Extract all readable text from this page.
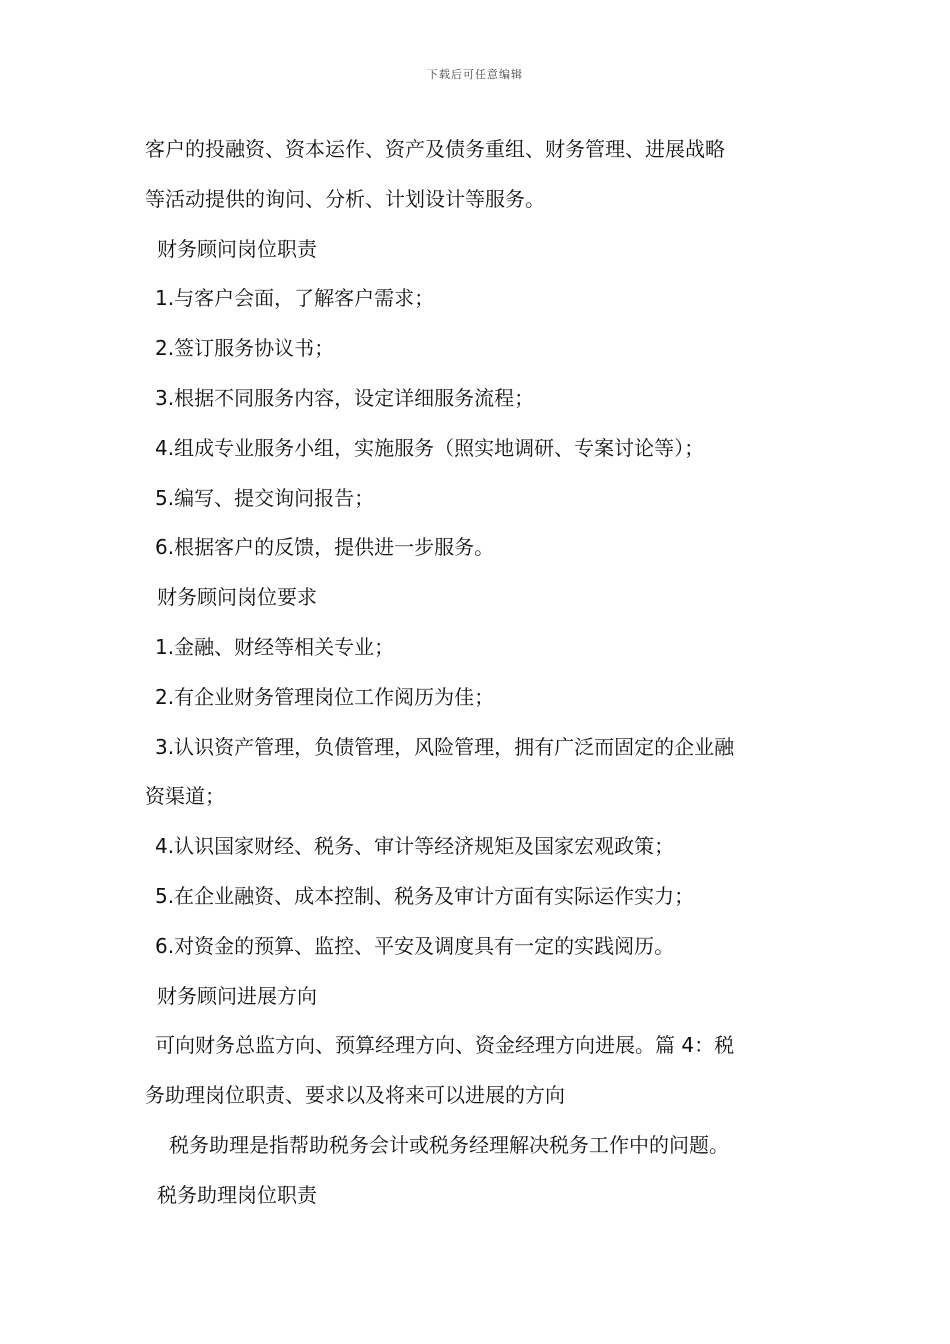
下载后可任意编辑
客户的投融资、资本运作、资产及债务重组、财务管理、进展战略
等活动提供的询问、分析、计划设计等服务。
财务顾问岗位职责
1.与客户会面，了解客户需求；
2.签订服务协议书；
3.根据不同服务内容，设定详细服务流程；
4.组成专业服务小组，实施服务（照实地调研、专案讨论等）；
5.编写、提交询问报告；
6.根据客户的反馈，提供进一步服务。
财务顾问岗位要求
1.金融、财经等相关专业；
2.有企业财务管理岗位工作阅历为佳；
3.认识资产管理，负债管理，风险管理，拥有广泛而固定的企业融
资渠道；
4.认识国家财经、税务、审计等经济规矩及国家宏观政策；
5.在企业融资、成本控制、税务及审计方面有实际运作实力；
6.对资金的预算、监控、平安及调度具有一定的实践阅历。
财务顾问进展方向
可向财务总监方向、预算经理方向、资金经理方向进展。篇 4：税
务助理岗位职责、要求以及将来可以进展的方向
税务助理是指帮助税务会计或税务经理解决税务工作中的问题。
税务助理岗位职责
